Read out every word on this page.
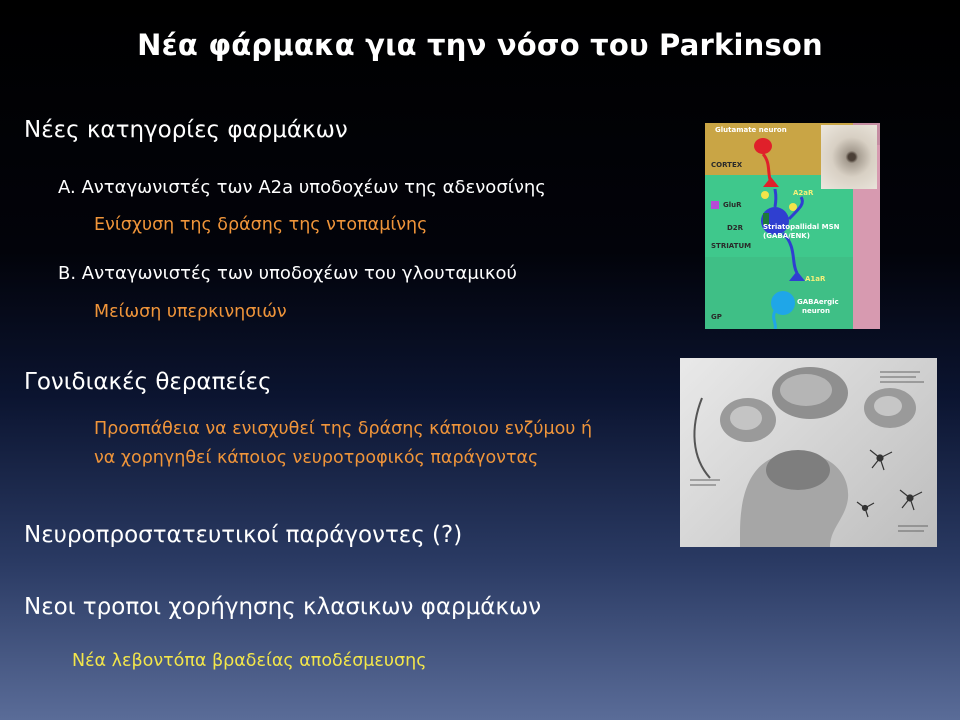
Νέα φάρμακα για την νόσο του Parkinson
Νέες κατηγορίες φαρμάκων
A. Ανταγωνιστές των A2a υποδοχέων της αδενοσίνης
Ενίσχυση της δράσης της ντοπαμίνης
B. Ανταγωνιστές των υποδοχέων του γλουταμικού
Μείωση υπερκινησιών
Γονιδιακές θεραπείες
Προσπάθεια να ενισχυθεί της δράσης κάποιου ενζύμου ή
να χορηγηθεί κάποιος νευροτροφικός παράγοντας
Νευροπροστατευτικοί παράγοντες (?)
Νεοι τροποι χορήγησης κλασικων φαρμάκων
Νέα λεβοντόπα βραδείας αποδέσμευσης
Glutamate neuron
CORTEX
GluR
D2R
A2aR
Striatopallidal MSN
(GABA/ENK)
STRIATUM
A1aR
GABAergic
neuron
GP
